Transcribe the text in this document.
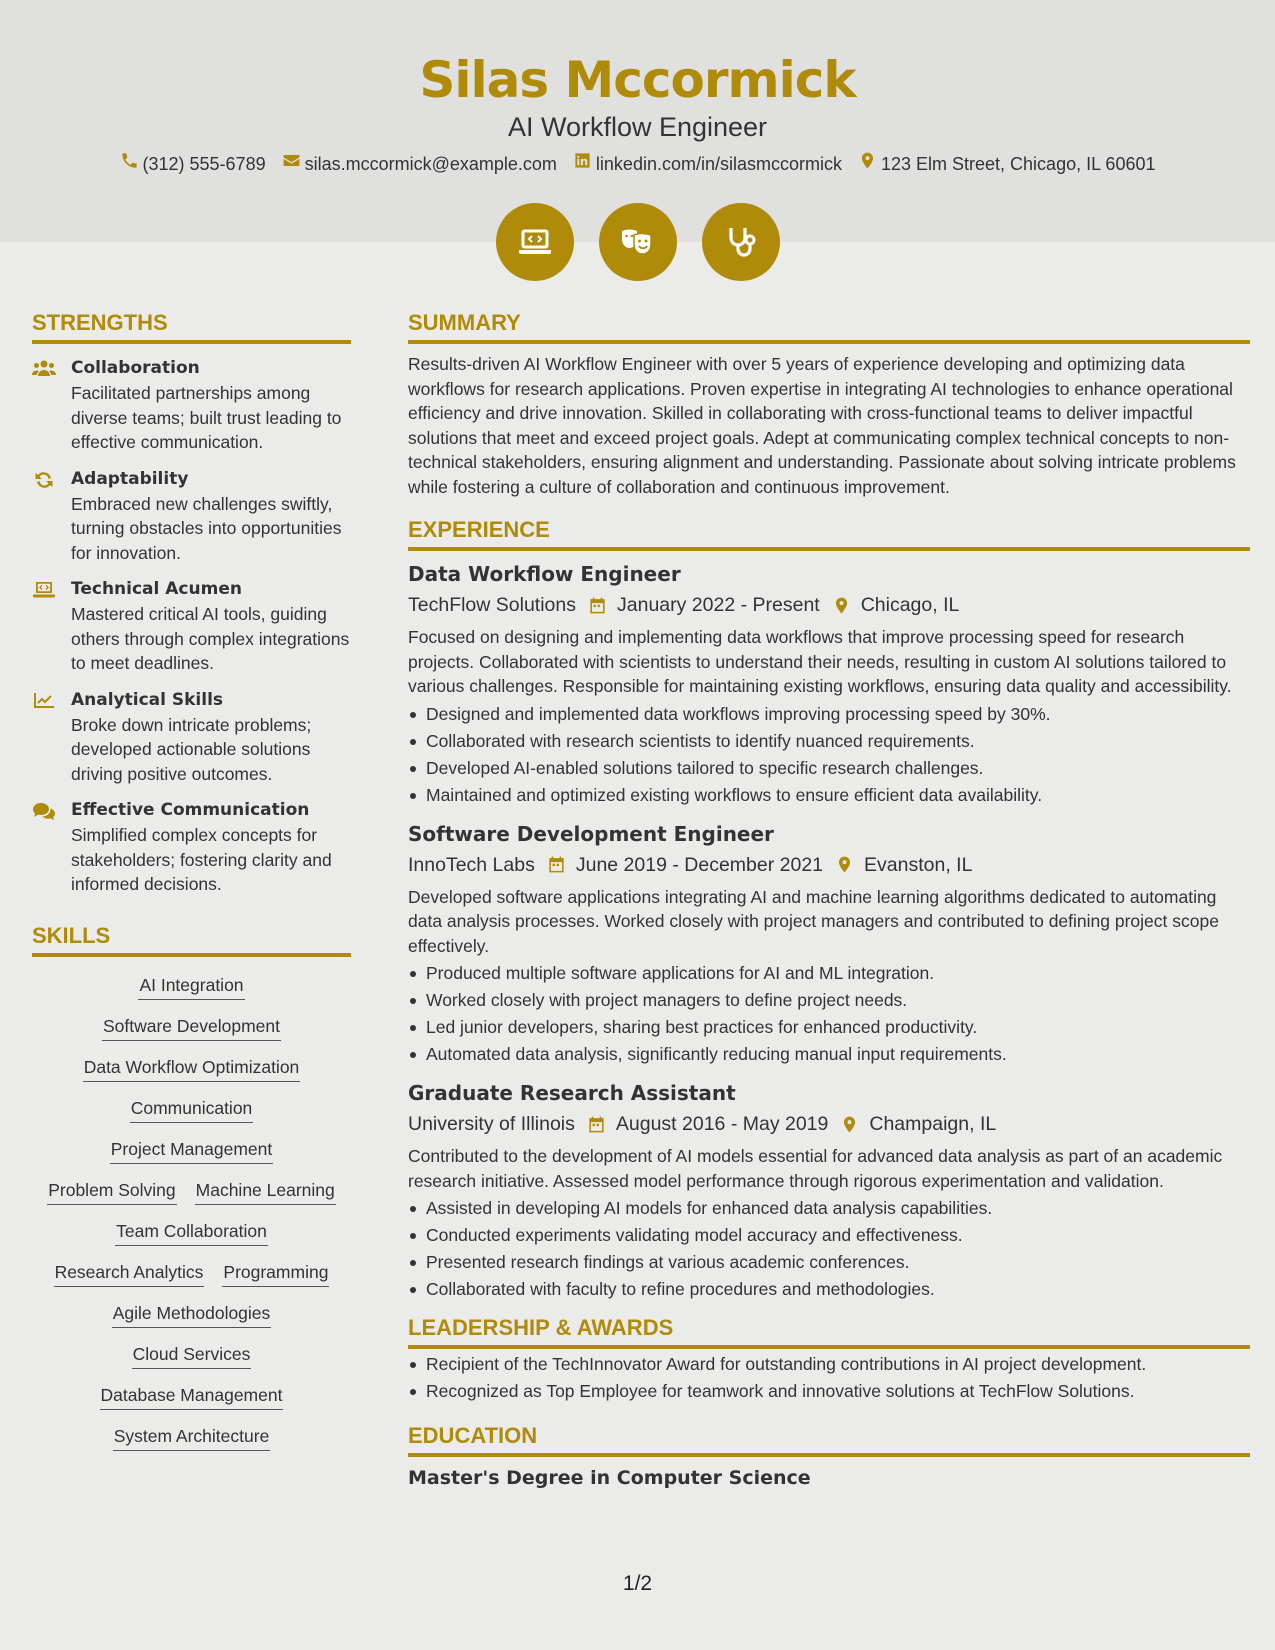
Silas Mccormick
AI Workflow Engineer
(312) 555-6789 silas.mccormick@example.com linkedin.com/in/silasmccormick 123 Elm Street, Chicago, IL 60601
STRENGTHS
Collaboration
Facilitated partnerships among diverse teams; built trust leading to effective communication.
Adaptability
Embraced new challenges swiftly, turning obstacles into opportunities for innovation.
Technical Acumen
Mastered critical AI tools, guiding others through complex integrations to meet deadlines.
Analytical Skills
Broke down intricate problems; developed actionable solutions driving positive outcomes.
Effective Communication
Simplified complex concepts for stakeholders; fostering clarity and informed decisions.
SKILLS
AI Integration
Software Development
Data Workflow Optimization
Communication
Project Management
Problem Solving Machine Learning
Team Collaboration
Research Analytics Programming
Agile Methodologies
Cloud Services
Database Management
System Architecture
SUMMARY
Results-driven AI Workflow Engineer with over 5 years of experience developing and optimizing data workflows for research applications. Proven expertise in integrating AI technologies to enhance operational efficiency and drive innovation. Skilled in collaborating with cross-functional teams to deliver impactful solutions that meet and exceed project goals. Adept at communicating complex technical concepts to non-technical stakeholders, ensuring alignment and understanding. Passionate about solving intricate problems while fostering a culture of collaboration and continuous improvement.
EXPERIENCE
Data Workflow Engineer
TechFlow Solutions January 2022 - Present Chicago, IL
Focused on designing and implementing data workflows that improve processing speed for research projects. Collaborated with scientists to understand their needs, resulting in custom AI solutions tailored to various challenges. Responsible for maintaining existing workflows, ensuring data quality and accessibility.
Designed and implemented data workflows improving processing speed by 30%.
Collaborated with research scientists to identify nuanced requirements.
Developed AI-enabled solutions tailored to specific research challenges.
Maintained and optimized existing workflows to ensure efficient data availability.
Software Development Engineer
InnoTech Labs June 2019 - December 2021 Evanston, IL
Developed software applications integrating AI and machine learning algorithms dedicated to automating data analysis processes. Worked closely with project managers and contributed to defining project scope effectively.
Produced multiple software applications for AI and ML integration.
Worked closely with project managers to define project needs.
Led junior developers, sharing best practices for enhanced productivity.
Automated data analysis, significantly reducing manual input requirements.
Graduate Research Assistant
University of Illinois August 2016 - May 2019 Champaign, IL
Contributed to the development of AI models essential for advanced data analysis as part of an academic research initiative. Assessed model performance through rigorous experimentation and validation.
Assisted in developing AI models for enhanced data analysis capabilities.
Conducted experiments validating model accuracy and effectiveness.
Presented research findings at various academic conferences.
Collaborated with faculty to refine procedures and methodologies.
LEADERSHIP & AWARDS
Recipient of the TechInnovator Award for outstanding contributions in AI project development.
Recognized as Top Employee for teamwork and innovative solutions at TechFlow Solutions.
EDUCATION
Master's Degree in Computer Science
1/2
